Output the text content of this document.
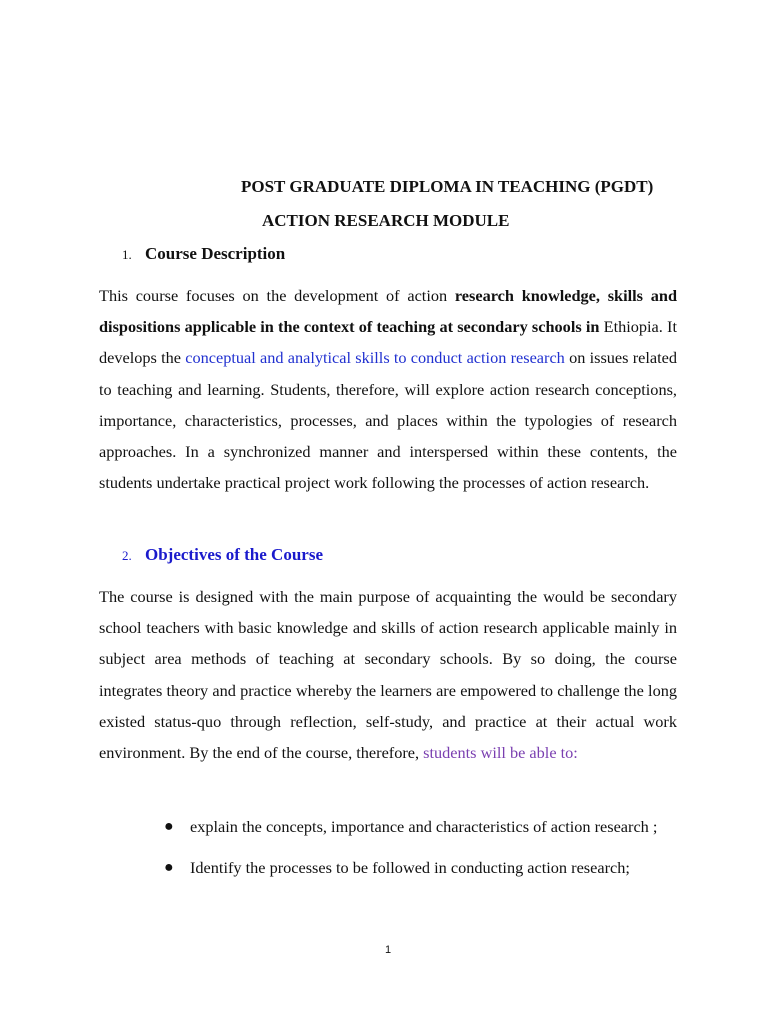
POST GRADUATE DIPLOMA IN TEACHING (PGDT)
ACTION RESEARCH MODULE
1. Course Description
This course focuses on the development of action research knowledge, skills and dispositions applicable in the context of teaching at secondary schools in Ethiopia. It develops the conceptual and analytical skills to conduct action research on issues related to teaching and learning. Students, therefore, will explore action research conceptions, importance, characteristics, processes, and places within the typologies of research approaches. In a synchronized manner and interspersed within these contents, the students undertake practical project work following the processes of action research.
2. Objectives of the Course
The course is designed with the main purpose of acquainting the would be secondary school teachers with basic knowledge and skills of action research applicable mainly in subject area methods of teaching at secondary schools. By so doing, the course integrates theory and practice whereby the learners are empowered to challenge the long existed status-quo through reflection, self-study, and practice at their actual work environment. By the end of the course, therefore, students will be able to:
● explain the concepts, importance and characteristics of action research ;
● Identify the processes to be followed in conducting action research;
1
